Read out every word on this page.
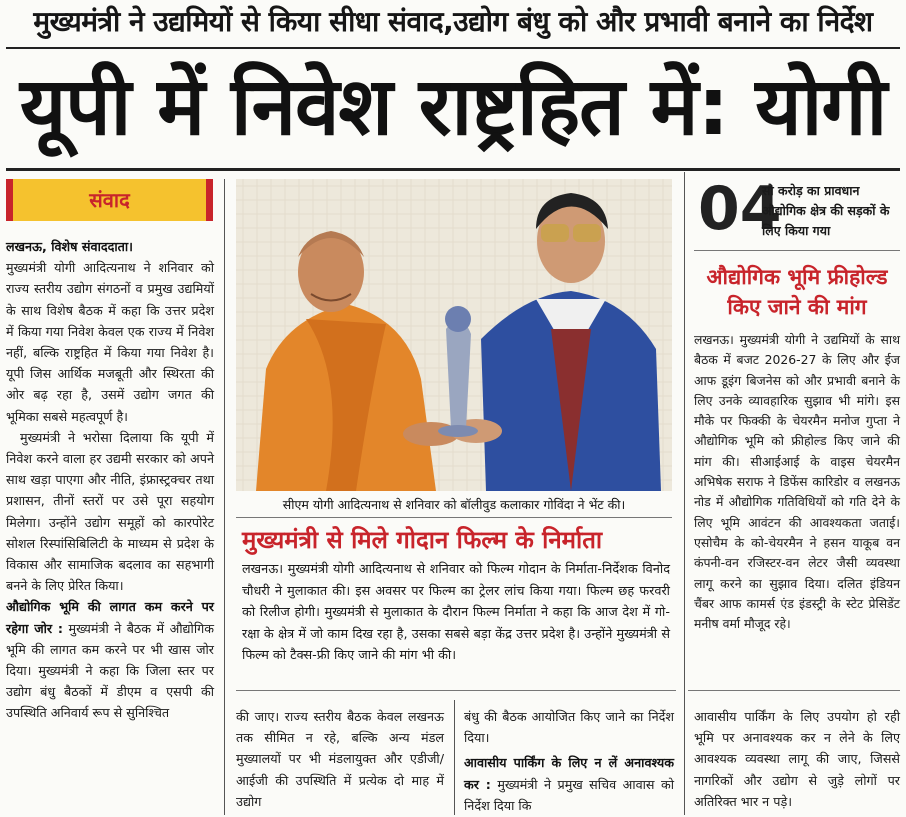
मुख्यमंत्री ने उद्यमियों से किया सीधा संवाद,उद्योग बंधु को और प्रभावी बनाने का निर्देश
यूपी में निवेश राष्ट्रहित में: योगी
संवाद

लखनऊ, विशेष संवाददाता।

मुख्यमंत्री योगी आदित्यनाथ ने शनिवार को राज्य स्तरीय उद्योग संगठनों व प्रमुख उद्यमियों के साथ विशेष बैठक में कहा कि उत्तर प्रदेश में किया गया निवेश केवल एक राज्य में निवेश नहीं, बल्कि राष्ट्रहित में किया गया निवेश है। यूपी जिस आर्थिक मजबूती और स्थिरता की ओर बढ़ रहा है, उसमें उद्योग जगत की भूमिका सबसे महत्वपूर्ण है।

मुख्यमंत्री ने भरोसा दिलाया कि यूपी में निवेश करने वाला हर उद्यमी सरकार को अपने साथ खड़ा पाएगा और नीति, इंफ्रास्ट्रक्चर तथा प्रशासन, तीनों स्तरों पर उसे पूरा सहयोग मिलेगा। उन्होंने उद्योग समूहों को कारपोरेट सोशल रिस्पांसिबिलिटी के माध्यम से प्रदेश के विकास और सामाजिक बदलाव का सहभागी बनने के लिए प्रेरित किया।

औद्योगिक भूमि की लागत कम करने पर रहेगा जोर : मुख्यमंत्री ने बैठक में औद्योगिक भूमि की लागत कम करने पर भी खास जोर दिया। मुख्यमंत्री ने कहा कि जिला स्तर पर उद्योग बंधु बैठकों में डीएम व एसपी की उपस्थिति अनिवार्य रूप से सुनिश्चित

सीएम योगी आदित्यनाथ से शनिवार को बॉलीवुड कलाकार गोविंदा ने भेंट की।
मुख्यमंत्री से मिले गोदान फिल्म के निर्माता
लखनऊ। मुख्यमंत्री योगी आदित्यनाथ से शनिवार को फिल्म गोदान के निर्माता-निर्देशक विनोद चौधरी ने मुलाकात की। इस अवसर पर फिल्म का ट्रेलर लांच किया गया। फिल्म छह फरवरी को रिलीज होगी। मुख्यमंत्री से मुलाकात के दौरान फिल्म निर्माता ने कहा कि आज देश में गो-रक्षा के क्षेत्र में जो काम दिख रहा है, उसका सबसे बड़ा केंद्र उत्तर प्रदेश है। उन्होंने मुख्यमंत्री से फिल्म को टैक्स-फ्री किए जाने की मांग भी की।
की जाए। राज्य स्तरीय बैठक केवल लखनऊ तक सीमित न रहे, बल्कि अन्य मंडल मुख्यालयों पर भी मंडलायुक्त और एडीजी/आईजी की उपस्थिति में प्रत्येक दो माह में उद्योग

बंधु की बैठक आयोजित किए जाने का निर्देश दिया।

आवासीय पार्किंग के लिए न लें अनावश्यक कर : मुख्यमंत्री ने प्रमुख सचिव आवास को निर्देश दिया कि

04
सौ करोड़ का प्रावधान औद्योगिक क्षेत्र की सड़कों के लिए किया गया
औद्योगिक भूमि फ्रीहोल्ड किए जाने की मांग
लखनऊ। मुख्यमंत्री योगी ने उद्यमियों के साथ बैठक में बजट 2026-27 के लिए और ईज आफ डूइंग बिजनेस को और प्रभावी बनाने के लिए उनके व्यावहारिक सुझाव भी मांगे। इस मौके पर फिक्की के चेयरमैन मनोज गुप्ता ने औद्योगिक भूमि को फ्रीहोल्ड किए जाने की मांग की। सीआईआई के वाइस चेयरमैन अभिषेक सराफ ने डिफेंस कारिडोर व लखनऊ नोड में औद्योगिक गतिविधियों को गति देने के लिए भूमि आवंटन की आवश्यकता जताई। एसोचैम के को-चेयरमैन ने हसन याकूब वन कंपनी-वन रजिस्टर-वन लेटर जैसी व्यवस्था लागू करने का सुझाव दिया। दलित इंडियन चैंबर आफ कामर्स एंड इंडस्ट्री के स्टेट प्रेसिडेंट मनीष वर्मा मौजूद रहे।
आवासीय पार्किंग के लिए उपयोग हो रही भूमि पर अनावश्यक कर न लेने के लिए आवश्यक व्यवस्था लागू की जाए, जिससे नागरिकों और उद्योग से जुड़े लोगों पर अतिरिक्त भार न पड़े।
